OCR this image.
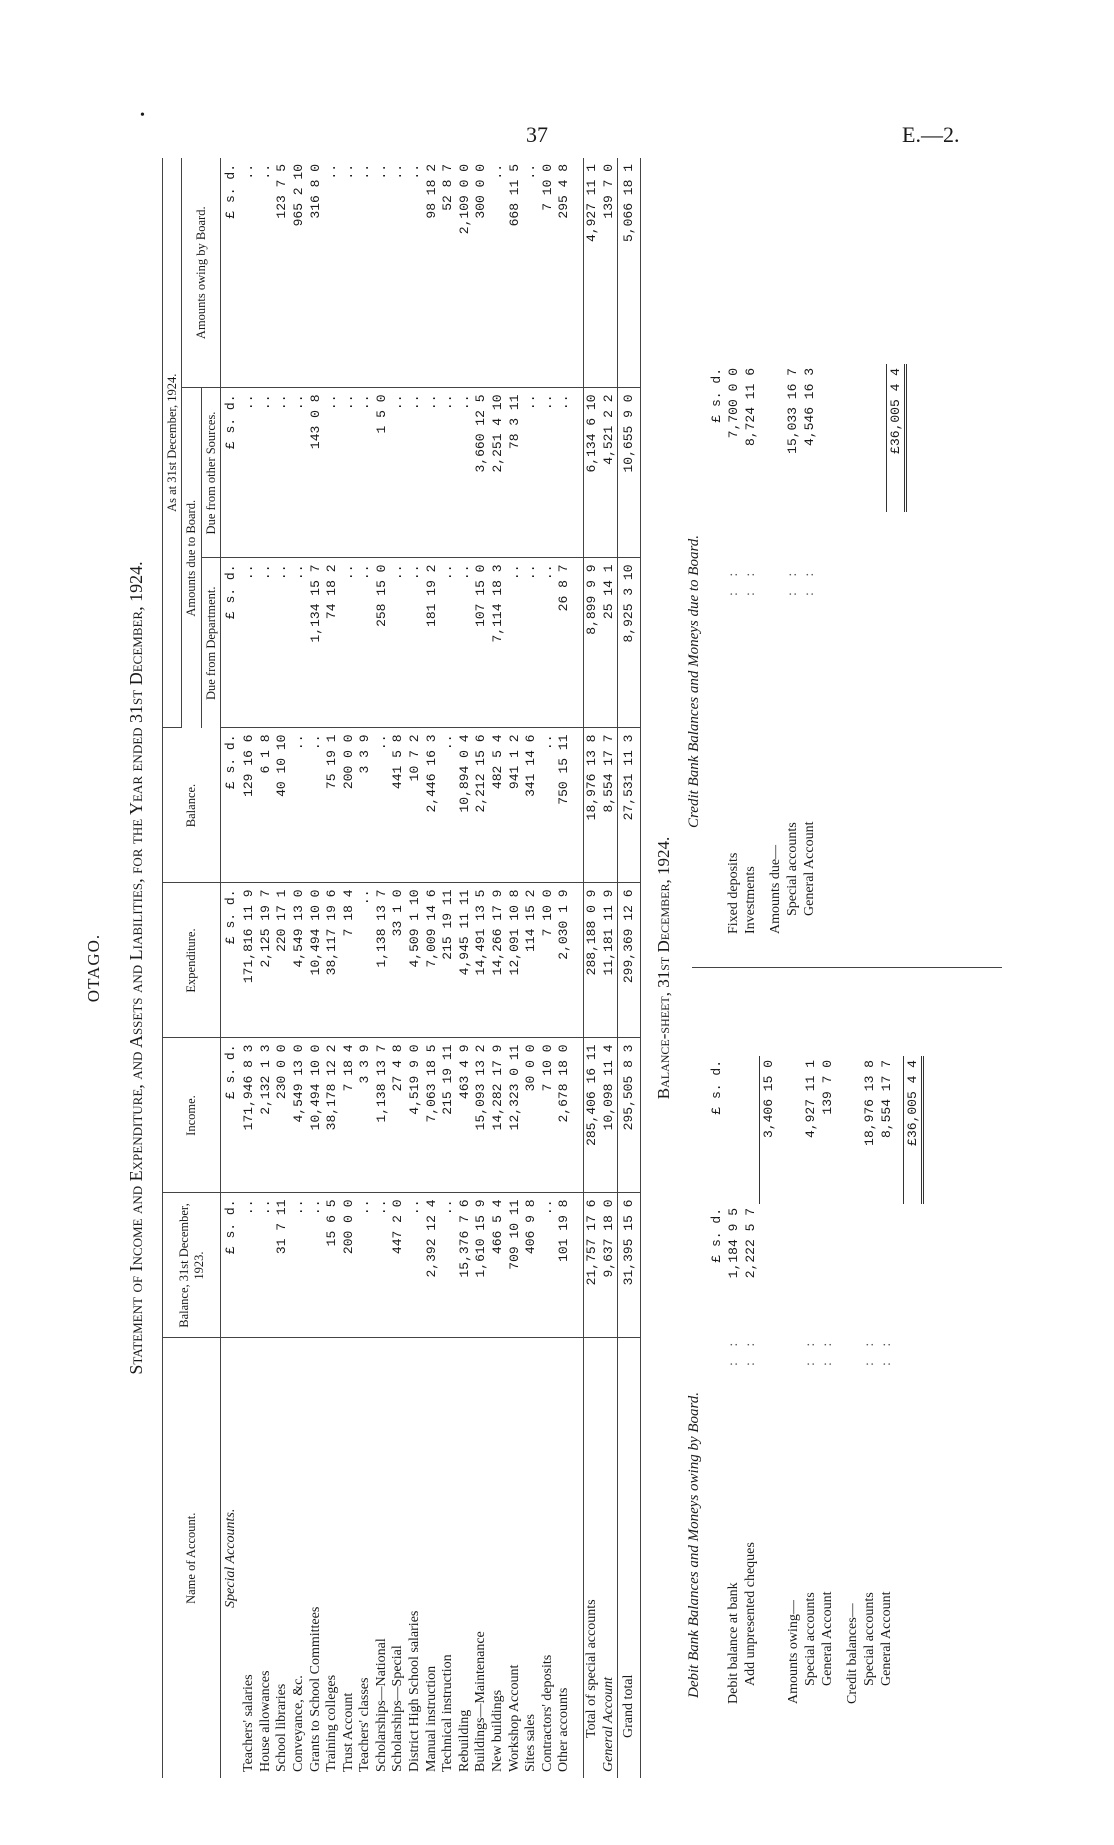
•
37	E.—2.
OTAGO. Statement of Income and Expenditure, and Assets and Liabilities, for the Year ended 31st December, 1924.
Name of Account.	Balance, 31st December, 1923.	Income.	Expenditure.	Balance.	As at 31st December, 1924.		
					Amounts due to Board.		Amounts owing by Board.
					Due from Department.	Due from other Sources.	
Special Accounts.	£ s. d.	£ s. d.	£ s. d.	£ s. d.	£ s. d.	£ s. d.	£ s. d.
Teachers' salaries	..	171,946 8 3	171,816 11 9	129 16 6	..	..	..
House allowances	..	2,132 1 3	2,125 19 7	6 1 8	..	..	..
School libraries	31 7 11	230 0 0	220 17 1	40 10 10	..	..	123 7 5
Conveyance, &c.	..	4,549 13 0	4,549 13 0	..	..	..	965 2 10
Grants to School Committees	..	10,494 10 0	10,494 10 0	..	1,134 15 7	143 0 8	316 8 0
Training colleges	15 6 5	38,178 12 2	38,117 19 6	75 19 1	74 18 2	..	..
Trust Account	200 0 0	7 18 4	7 18 4	200 0 0	..	..	..
Teachers' classes	..	3 3 9	..	3 3 9	..	..	..
Scholarships—National	..	1,138 13 7	1,138 13 7	..	258 15 0	1 5 0	..
Scholarships—Special	447 2 0	27 4 8	33 1 0	441 5 8	..	..	..
District High School salaries	..	4,519 9 0	4,509 1 10	10 7 2	..	..	..
Manual instruction	2,392 12 4	7,063 18 5	7,009 14 6	2,446 16 3	181 19 2	..	98 18 2
Technical instruction	..	215 19 11	215 19 11	..	..	..	52 8 7
Rebuilding	15,376 7 6	463 4 9	4,945 11 11	10,894 0 4	..	..	2,109 0 0
Buildings—Maintenance	1,610 15 9	15,093 13 2	14,491 13 5	2,212 15 6	107 15 0	3,660 12 5	300 0 0
New buildings	466 5 4	14,282 17 9	14,266 17 9	482 5 4	7,114 18 3	2,251 4 10	..
Workshop Account	709 10 11	12,323 0 11	12,091 10 8	941 1 2	..	78 3 11	668 11 5
Sites sales	406 9 8	30 0 0	114 15 2	341 14 6	..	..	..
Contractors' deposits	..	7 10 0	7 10 0	..	..	..	7 10 0
Other accounts	101 19 8	2,678 18 0	2,030 1 9	750 15 11	26 8 7	..	295 4 8

Total of special accounts	21,757 17 6	285,406 16 11	288,188 0 9	18,976 13 8	8,899 9 9	6,134 6 10	4,927 11 1
General Account	9,637 18 0	10,098 11 4	11,181 11 9	8,554 17 7	25 14 1	4,521 2 2	139 7 0
Grand total	31,395 15 6	295,505 8 3	299,369 12 6	27,531 11 3	8,925 3 10	10,655 9 0	5,066 18 1
Balance-sheet, 31st December, 1924.
Debit Bank Balances and Moneys owing by Board.
		£ s. d.	£ s. d.
Debit balance at bank	: :	1,184 9 5	
Add unpresented cheques	: :	2,222 5 7	
			3,406 15 0

Amounts owing—			
Special accounts	: :		4,927 11 1
General Account	: :		139 7 0

Credit balances—			
Special accounts	: :		18,976 13 8
General Account	: :		8,554 17 7

			£36,005 4 4
Credit Bank Balances and Moneys due to Board.
		£ s. d.
Fixed deposits	: :	7,700 0 0
Investments	: :	8,724 11 6

Amounts due—		
Special accounts	: :	15,033 16 7
General Account	: :	4,546 16 3

		£36,005 4 4
